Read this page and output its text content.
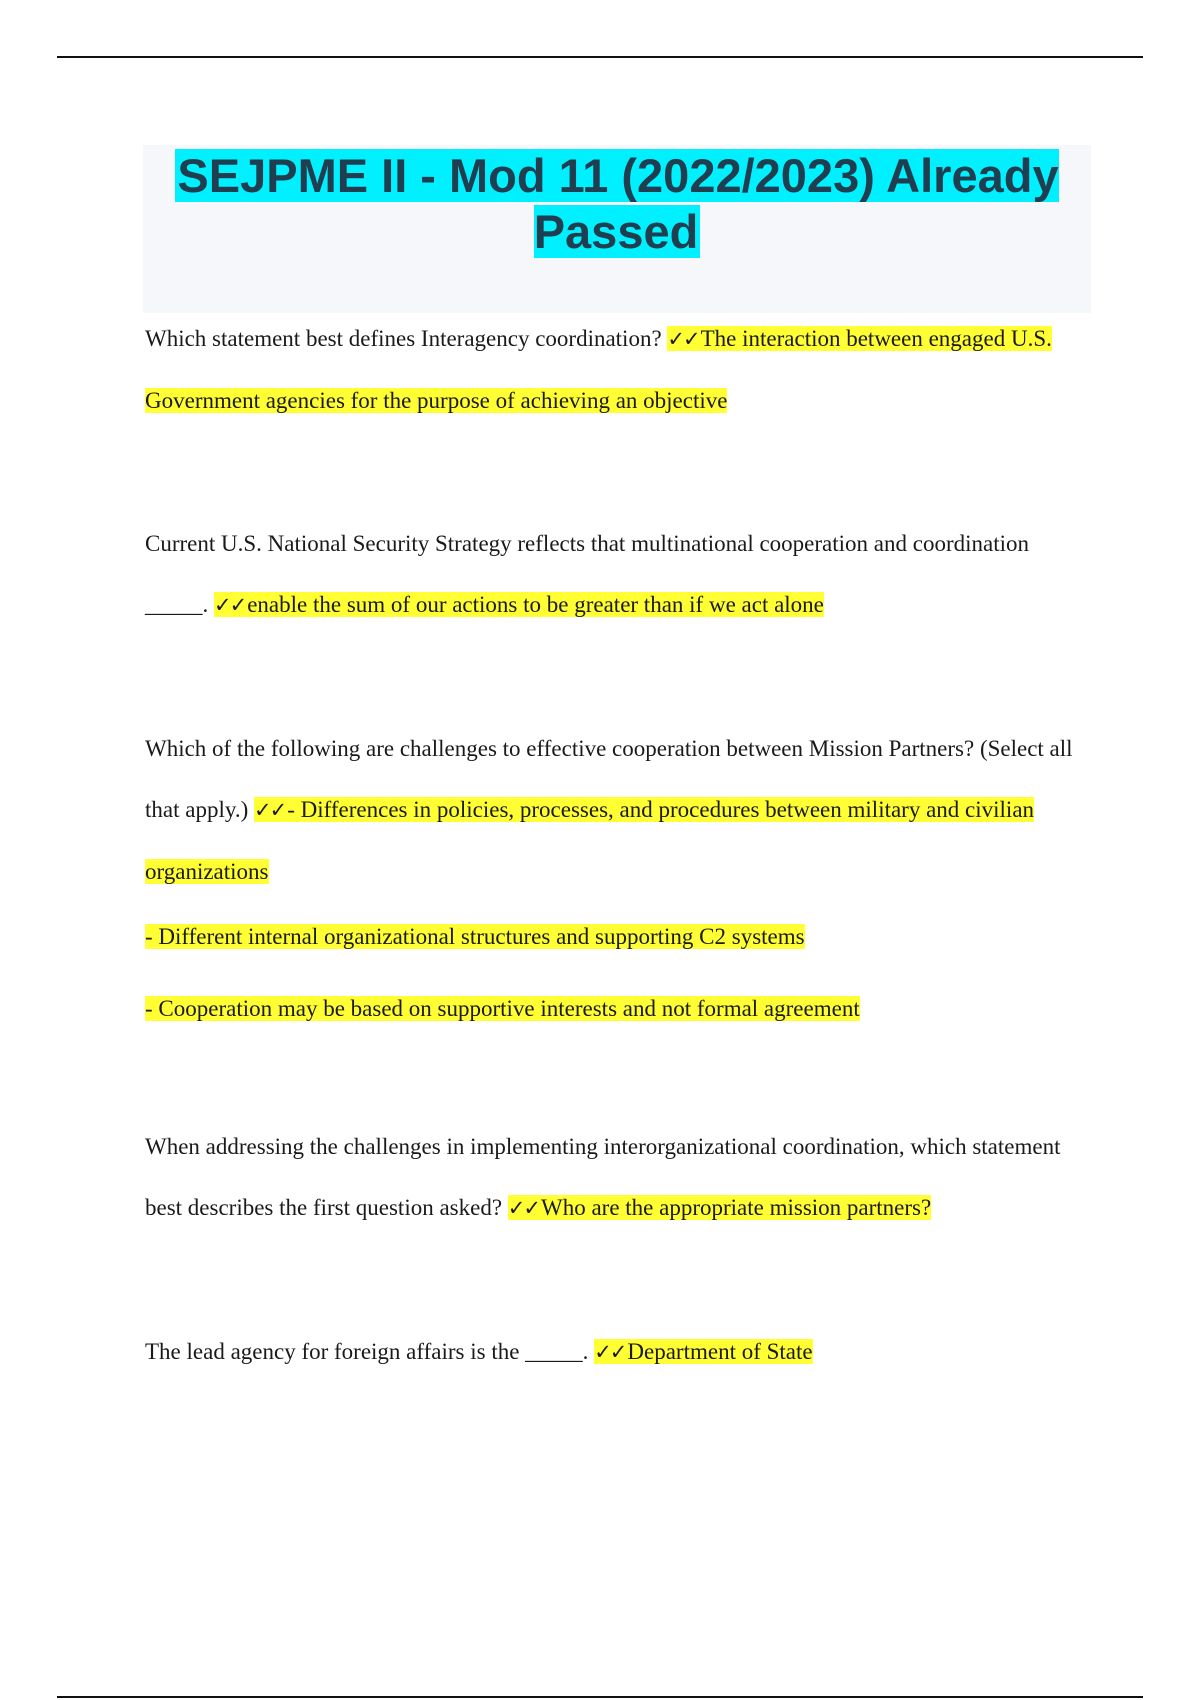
SEJPME II - Mod 11 (2022/2023) Already Passed

Which statement best defines Interagency coordination? ✓✓The interaction between engaged U.S. Government agencies for the purpose of achieving an objective

Current U.S. National Security Strategy reflects that multinational cooperation and coordination _____. ✓✓enable the sum of our actions to be greater than if we act alone

Which of the following are challenges to effective cooperation between Mission Partners? (Select all that apply.) ✓✓- Differences in policies, processes, and procedures between military and civilian organizations

- Different internal organizational structures and supporting C2 systems

- Cooperation may be based on supportive interests and not formal agreement

When addressing the challenges in implementing interorganizational coordination, which statement best describes the first question asked? ✓✓Who are the appropriate mission partners?

The lead agency for foreign affairs is the _____. ✓✓Department of State
